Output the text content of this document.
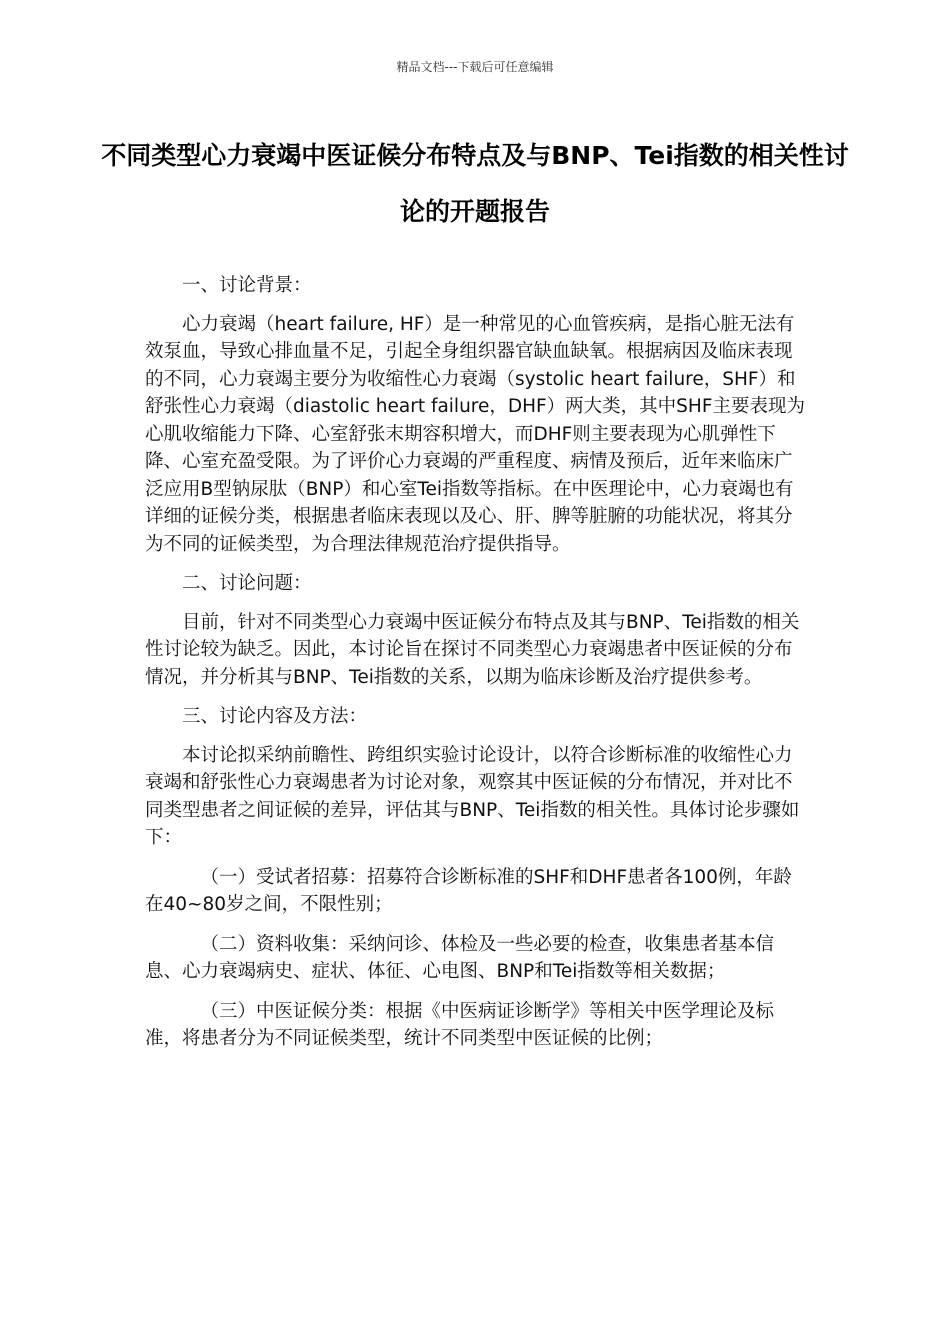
精品文档---下载后可任意编辑
不同类型心力衰竭中医证候分布特点及与BNP、Tei指数的相关性讨论的开题报告

一、讨论背景：

心力衰竭（heart failure, HF）是一种常见的心血管疾病，是指心脏无法有效泵血，导致心排血量不足，引起全身组织器官缺血缺氧。根据病因及临床表现的不同，心力衰竭主要分为收缩性心力衰竭（systolic heart failure，SHF）和舒张性心力衰竭（diastolic heart failure，DHF）两大类，其中SHF主要表现为心肌收缩能力下降、心室舒张末期容积增大，而DHF则主要表现为心肌弹性下降、心室充盈受限。为了评价心力衰竭的严重程度、病情及预后，近年来临床广泛应用B型钠尿肽（BNP）和心室Tei指数等指标。在中医理论中，心力衰竭也有详细的证候分类，根据患者临床表现以及心、肝、脾等脏腑的功能状况，将其分为不同的证候类型，为合理法律规范治疗提供指导。

二、讨论问题：

目前，针对不同类型心力衰竭中医证候分布特点及其与BNP、Tei指数的相关性讨论较为缺乏。因此，本讨论旨在探讨不同类型心力衰竭患者中医证候的分布情况，并分析其与BNP、Tei指数的关系，以期为临床诊断及治疗提供参考。

三、讨论内容及方法：

本讨论拟采纳前瞻性、跨组织实验讨论设计，以符合诊断标准的收缩性心力衰竭和舒张性心力衰竭患者为讨论对象，观察其中医证候的分布情况，并对比不同类型患者之间证候的差异，评估其与BNP、Tei指数的相关性。具体讨论步骤如下：

（一）受试者招募：招募符合诊断标准的SHF和DHF患者各100例，年龄在40~80岁之间，不限性别；

（二）资料收集：采纳问诊、体检及一些必要的检查，收集患者基本信息、心力衰竭病史、症状、体征、心电图、BNP和Tei指数等相关数据；

（三）中医证候分类：根据《中医病证诊断学》等相关中医学理论及标准，将患者分为不同证候类型，统计不同类型中医证候的比例；
